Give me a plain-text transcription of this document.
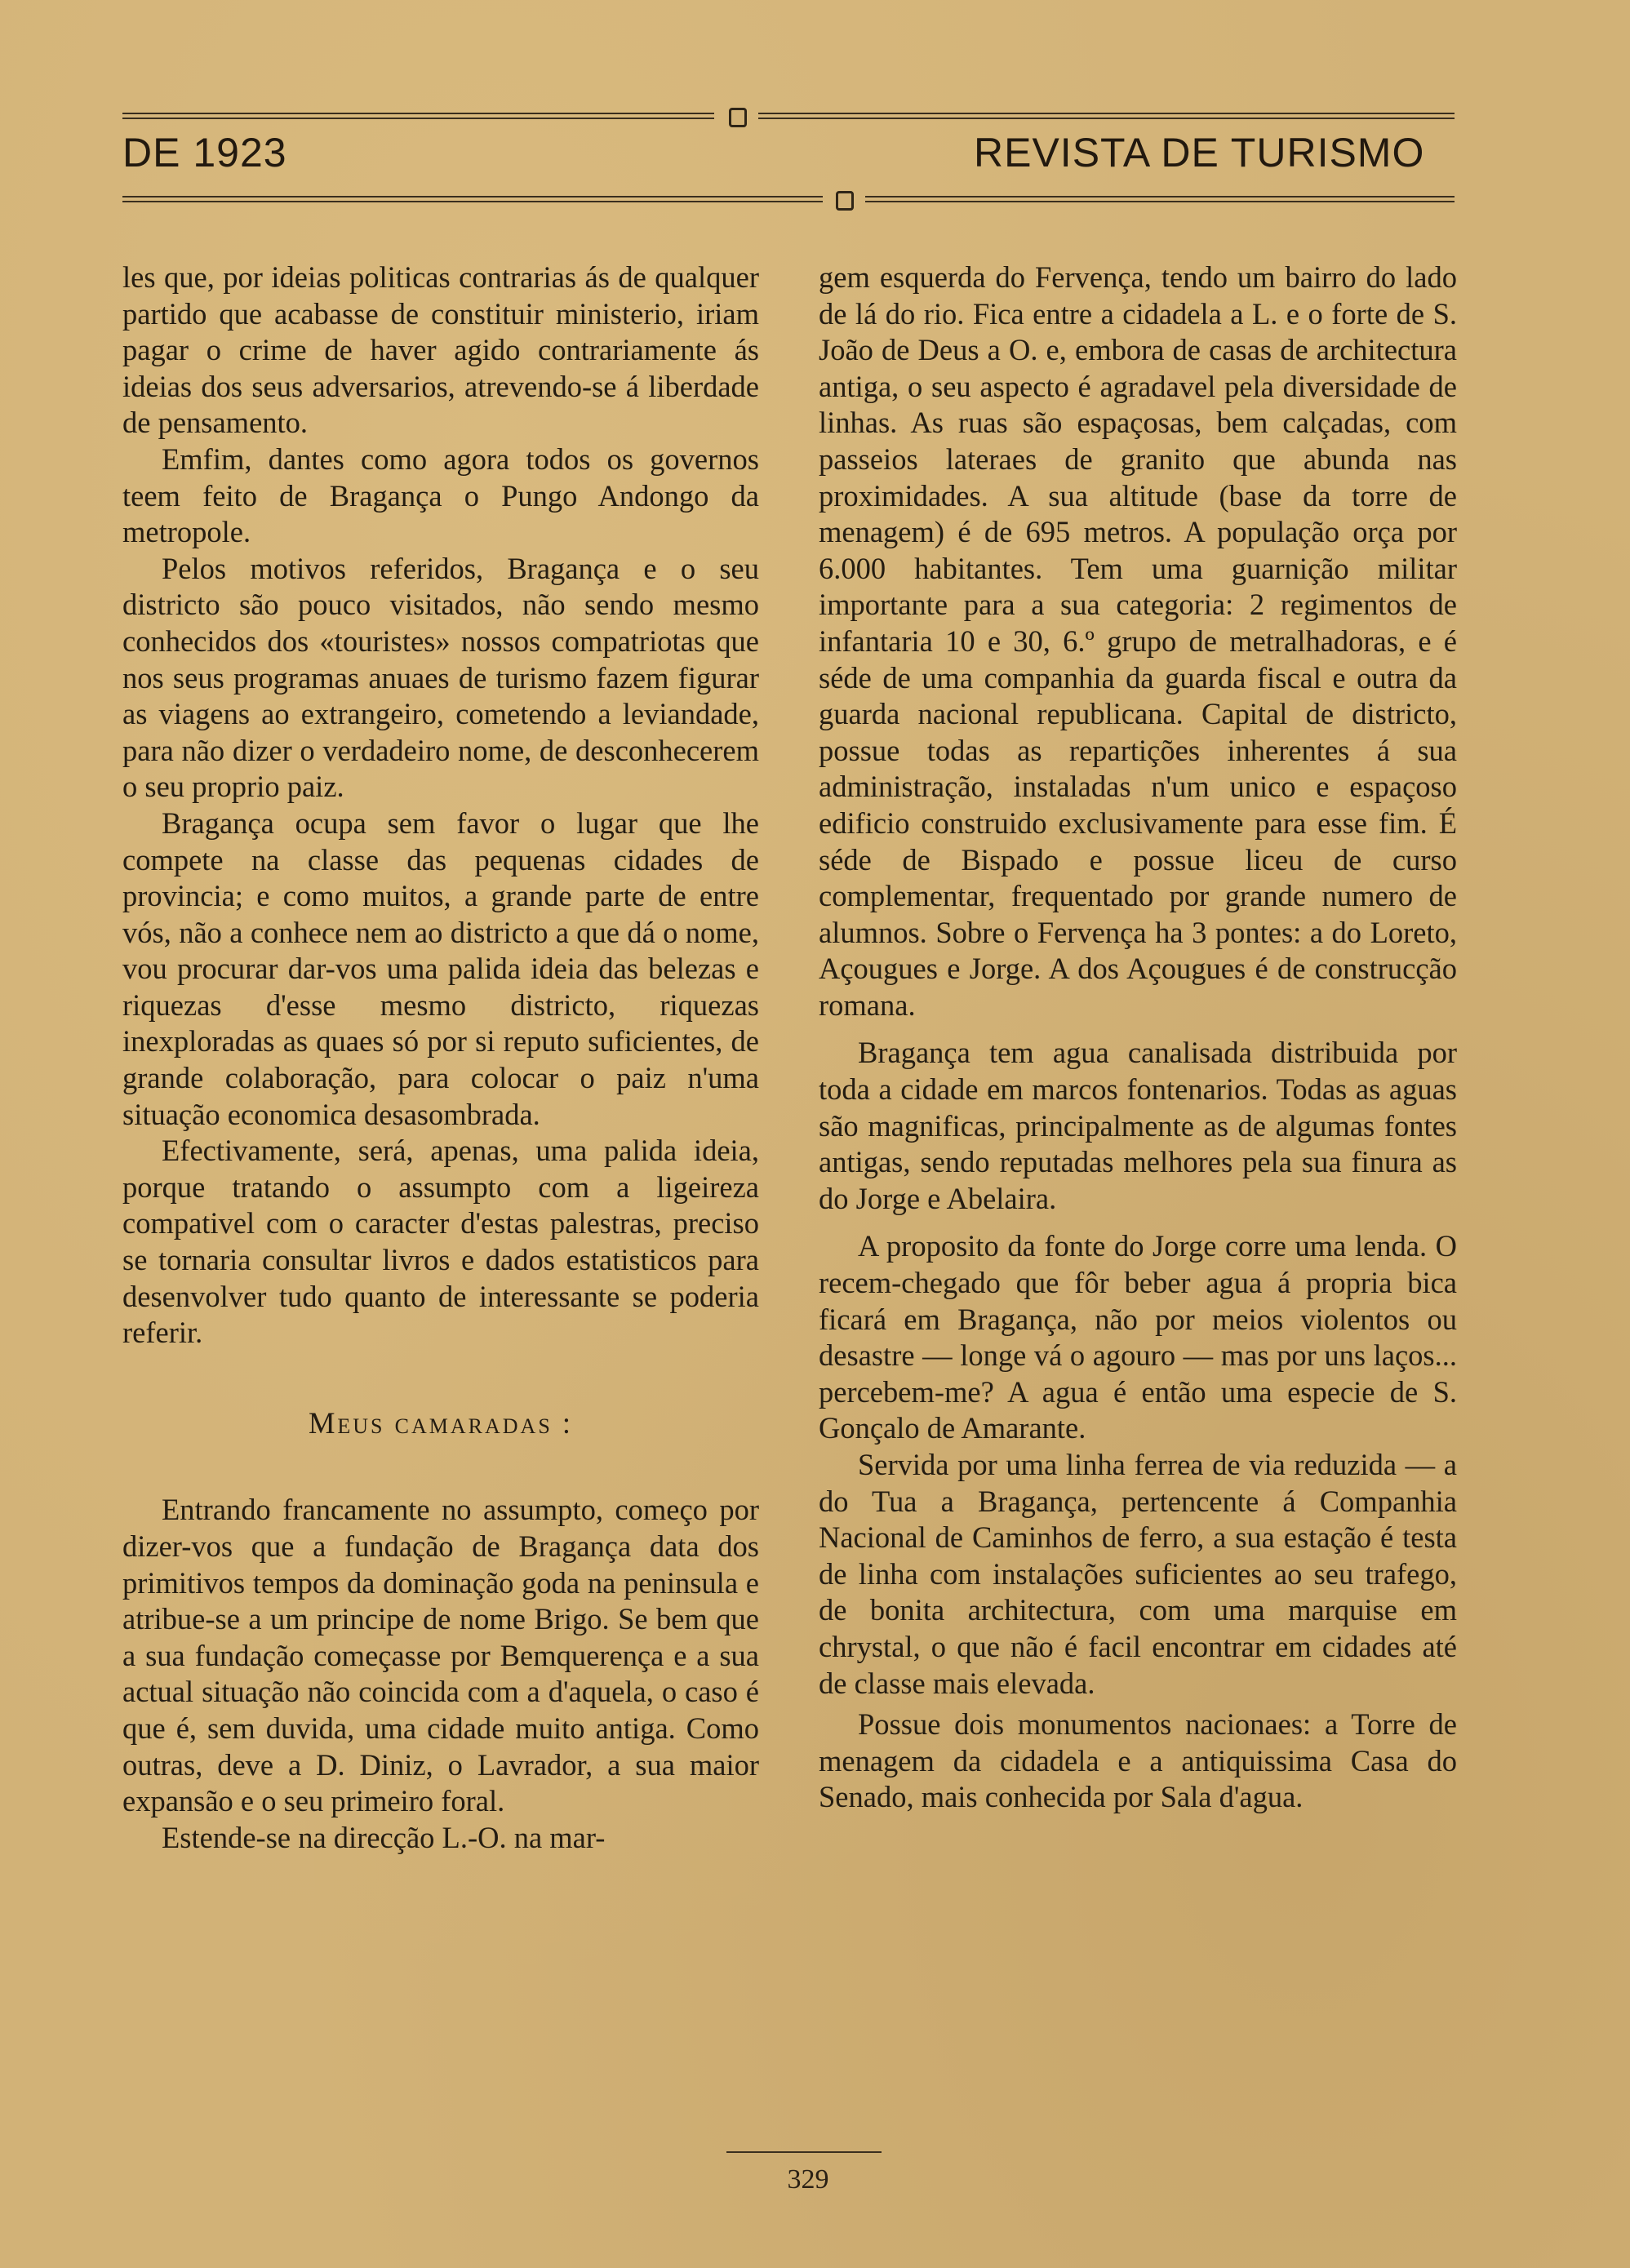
DE 1923	REVISTA DE TURISMO

les que, por ideias politicas contrarias ás de qualquer partido que acabasse de constituir ministerio, iriam pagar o crime de haver agido contrariamente ás ideias dos seus adversarios, atrevendo-se á liberdade de pensamento.

Emfim, dantes como agora todos os governos teem feito de Bragança o Pungo Andongo da metropole.

Pelos motivos referidos, Bragança e o seu districto são pouco visitados, não sendo mesmo conhecidos dos «touristes» nossos compatriotas que nos seus programas anuaes de turismo fazem figurar as viagens ao extrangeiro, cometendo a leviandade, para não dizer o verdadeiro nome, de desconhecerem o seu proprio paiz.

Bragança ocupa sem favor o lugar que lhe compete na classe das pequenas cidades de provincia; e como muitos, a grande parte de entre vós, não a conhece nem ao districto a que dá o nome, vou procurar dar-vos uma palida ideia das belezas e riquezas d'esse mesmo districto, riquezas inexploradas as quaes só por si reputo suficientes, de grande colaboração, para colocar o paiz n'uma situação economica desasombrada.

Efectivamente, será, apenas, uma palida ideia, porque tratando o assumpto com a ligeireza compativel com o caracter d'estas palestras, preciso se tornaria consultar livros e dados estatisticos para desenvolver tudo quanto de interessante se poderia referir.

Meus camaradas :

Entrando francamente no assumpto, começo por dizer-vos que a fundação de Bragança data dos primitivos tempos da dominação goda na peninsula e atribue-se a um principe de nome Brigo. Se bem que a sua fundação começasse por Bemquerença e a sua actual situação não coincida com a d'aquela, o caso é que é, sem duvida, uma cidade muito antiga. Como outras, deve a D. Diniz, o Lavrador, a sua maior expansão e o seu primeiro foral.

Estende-se na direcção L.-O. na mar-

gem esquerda do Fervença, tendo um bairro do lado de lá do rio. Fica entre a cidadela a L. e o forte de S. João de Deus a O. e, embora de casas de architectura antiga, o seu aspecto é agradavel pela diversidade de linhas. As ruas são espaçosas, bem calçadas, com passeios lateraes de granito que abunda nas proximidades. A sua altitude (base da torre de menagem) é de 695 metros. A população orça por 6.000 habitantes. Tem uma guarnição militar importante para a sua categoria: 2 regimentos de infantaria 10 e 30, 6.º grupo de metralhadoras, e é séde de uma companhia da guarda fiscal e outra da guarda nacional republicana. Capital de districto, possue todas as repartições inherentes á sua administração, instaladas n'um unico e espaçoso edificio construido exclusivamente para esse fim. É séde de Bispado e possue liceu de curso complementar, frequentado por grande numero de alumnos. Sobre o Fervença ha 3 pontes: a do Loreto, Açougues e Jorge. A dos Açougues é de construcção romana.

Bragança tem agua canalisada distribuida por toda a cidade em marcos fontenarios. Todas as aguas são magnificas, principalmente as de algumas fontes antigas, sendo reputadas melhores pela sua finura as do Jorge e Abelaira.

A proposito da fonte do Jorge corre uma lenda. O recem-chegado que fôr beber agua á propria bica ficará em Bragança, não por meios violentos ou desastre — longe vá o agouro — mas por uns laços... percebem-me? A agua é então uma especie de S. Gonçalo de Amarante.

Servida por uma linha ferrea de via reduzida — a do Tua a Bragança, pertencente á Companhia Nacional de Caminhos de ferro, a sua estação é testa de linha com instalações suficientes ao seu trafego, de bonita architectura, com uma marquise em chrystal, o que não é facil encontrar em cidades até de classe mais elevada.

Possue dois monumentos nacionaes: a Torre de menagem da cidadela e a antiquissima Casa do Senado, mais conhecida por Sala d'agua.

329
